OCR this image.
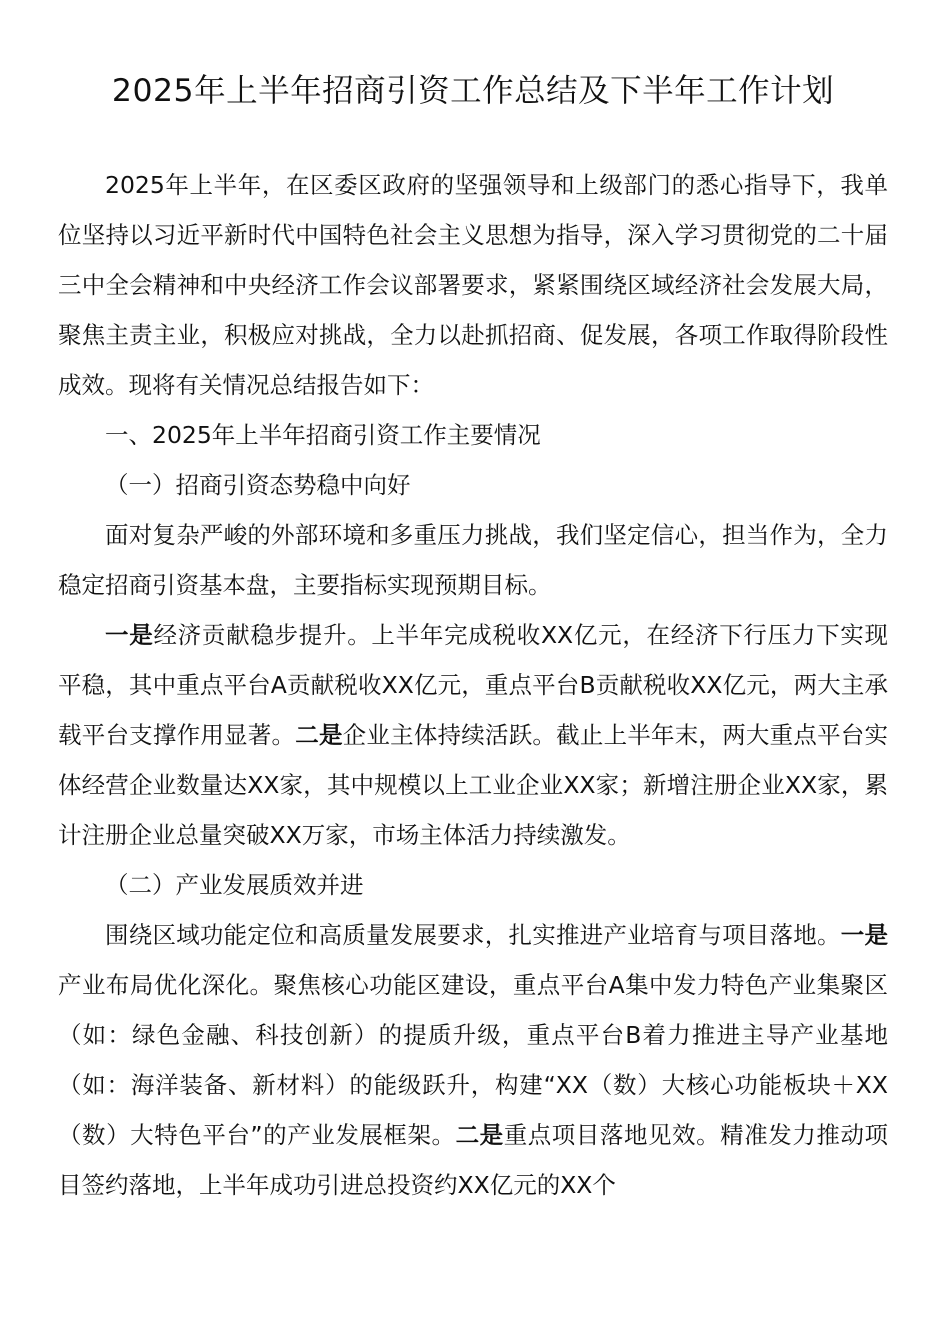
2025年上半年招商引资工作总结及下半年工作计划

2025年上半年，在区委区政府的坚强领导和上级部门的悉心指导下，我单位坚持以习近平新时代中国特色社会主义思想为指导，深入学习贯彻党的二十届三中全会精神和中央经济工作会议部署要求，紧紧围绕区域经济社会发展大局，聚焦主责主业，积极应对挑战，全力以赴抓招商、促发展，各项工作取得阶段性成效。现将有关情况总结报告如下：

一、2025年上半年招商引资工作主要情况

（一）招商引资态势稳中向好

面对复杂严峻的外部环境和多重压力挑战，我们坚定信心，担当作为，全力稳定招商引资基本盘，主要指标实现预期目标。

一是经济贡献稳步提升。上半年完成税收XX亿元，在经济下行压力下实现平稳，其中重点平台A贡献税收XX亿元，重点平台B贡献税收XX亿元，两大主承载平台支撑作用显著。二是企业主体持续活跃。截止上半年末，两大重点平台实体经营企业数量达XX家，其中规模以上工业企业XX家；新增注册企业XX家，累计注册企业总量突破XX万家，市场主体活力持续激发。

（二）产业发展质效并进

围绕区域功能定位和高质量发展要求，扎实推进产业培育与项目落地。一是产业布局优化深化。聚焦核心功能区建设，重点平台A集中发力特色产业集聚区（如：绿色金融、科技创新）的提质升级，重点平台B着力推进主导产业基地（如：海洋装备、新材料）的能级跃升，构建“XX（数）大核心功能板块＋XX（数）大特色平台”的产业发展框架。二是重点项目落地见效。精准发力推动项目签约落地，上半年成功引进总投资约XX亿元的XX个
